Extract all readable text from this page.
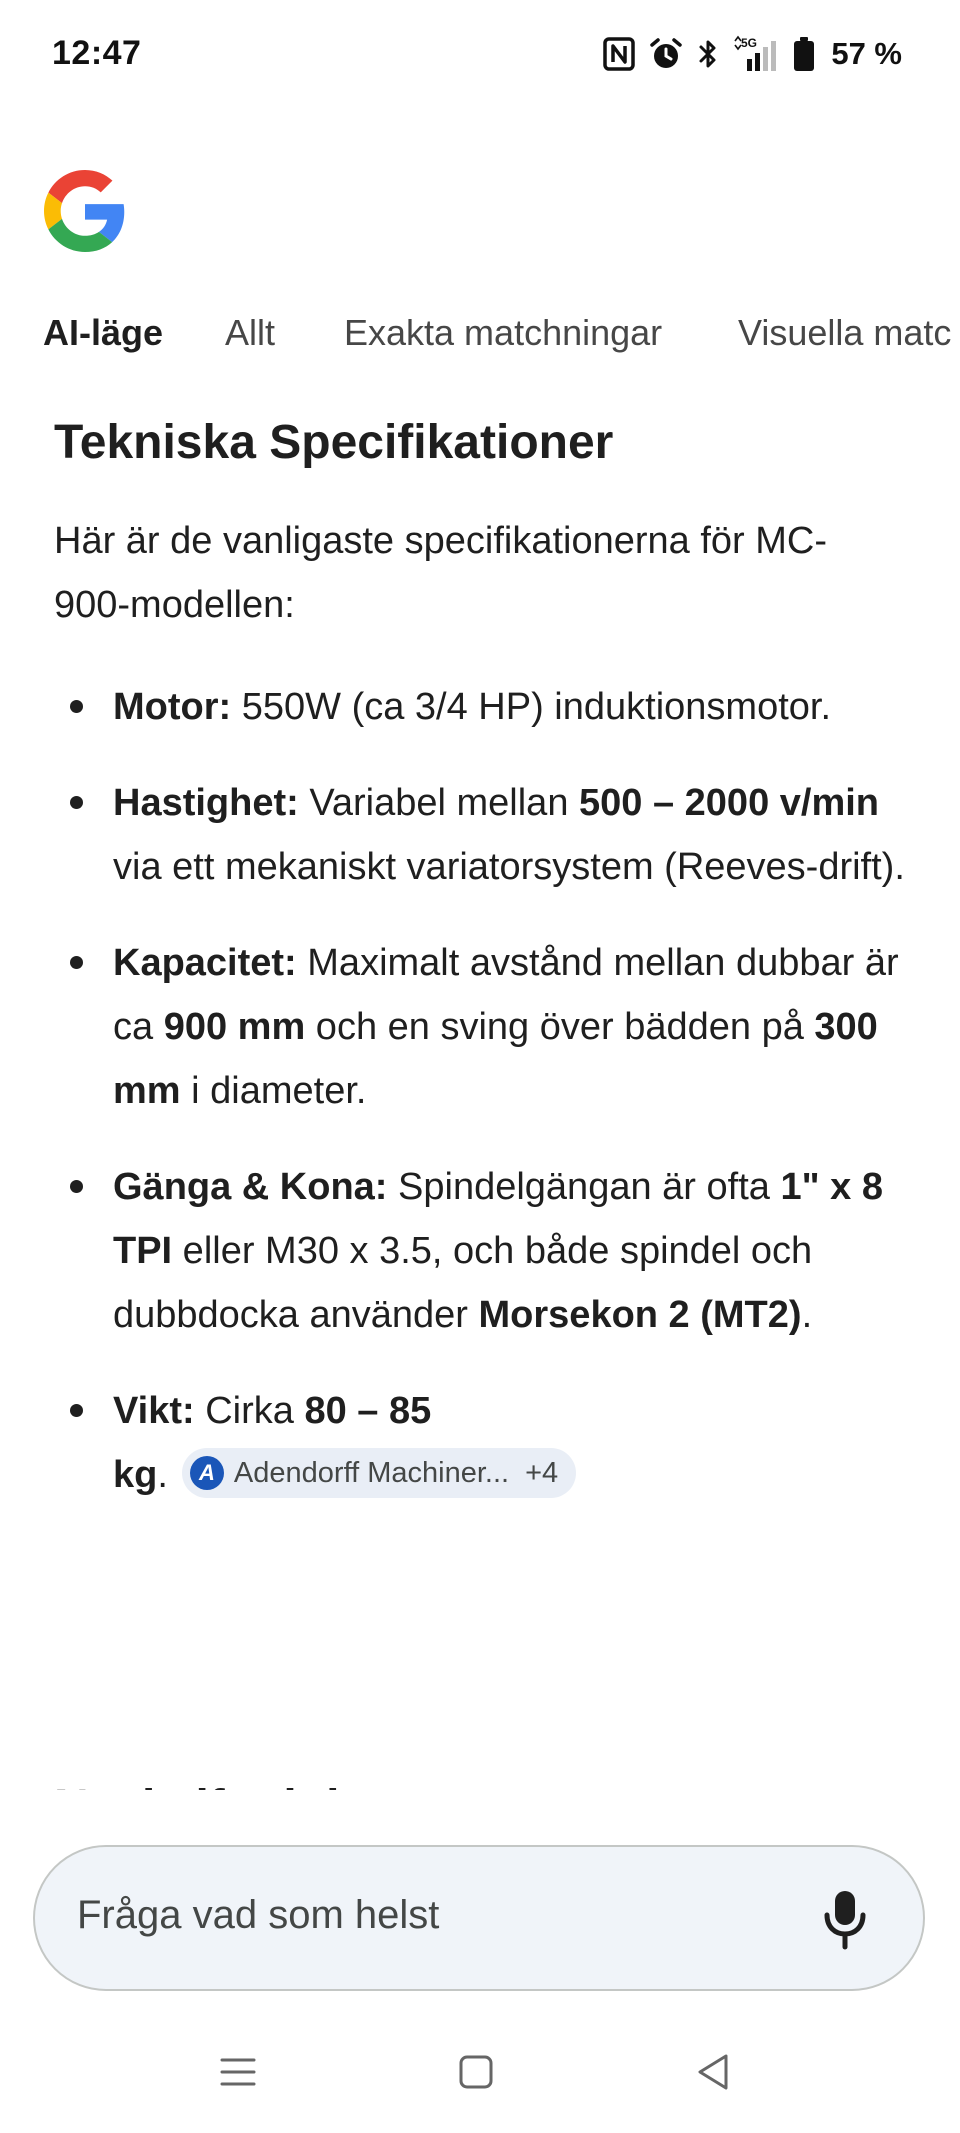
12:47	5G 57 %
AI-läge Allt Exakta matchningar Visuella matc
Tekniska Specifikationer
Här är de vanligaste specifikationerna för MC-900-modellen:
Motor: 550W (ca 3/4 HP) induktionsmotor.
Hastighet: Variabel mellan 500 – 2000 v/min via ett mekaniskt variatorsystem (Reeves-drift).
Kapacitet: Maximalt avstånd mellan dubbar är ca 900 mm och en sving över bädden på 300 mm i diameter.
Gänga & Kona: Spindelgängan är ofta 1" x 8 TPI eller M30 x 3.5, och både spindel och dubbdocka använder Morsekon 2 (MT2).
Vikt: Cirka 80 – 85
kg.	A Adendorff Machiner... +4
Fråga vad som helst
